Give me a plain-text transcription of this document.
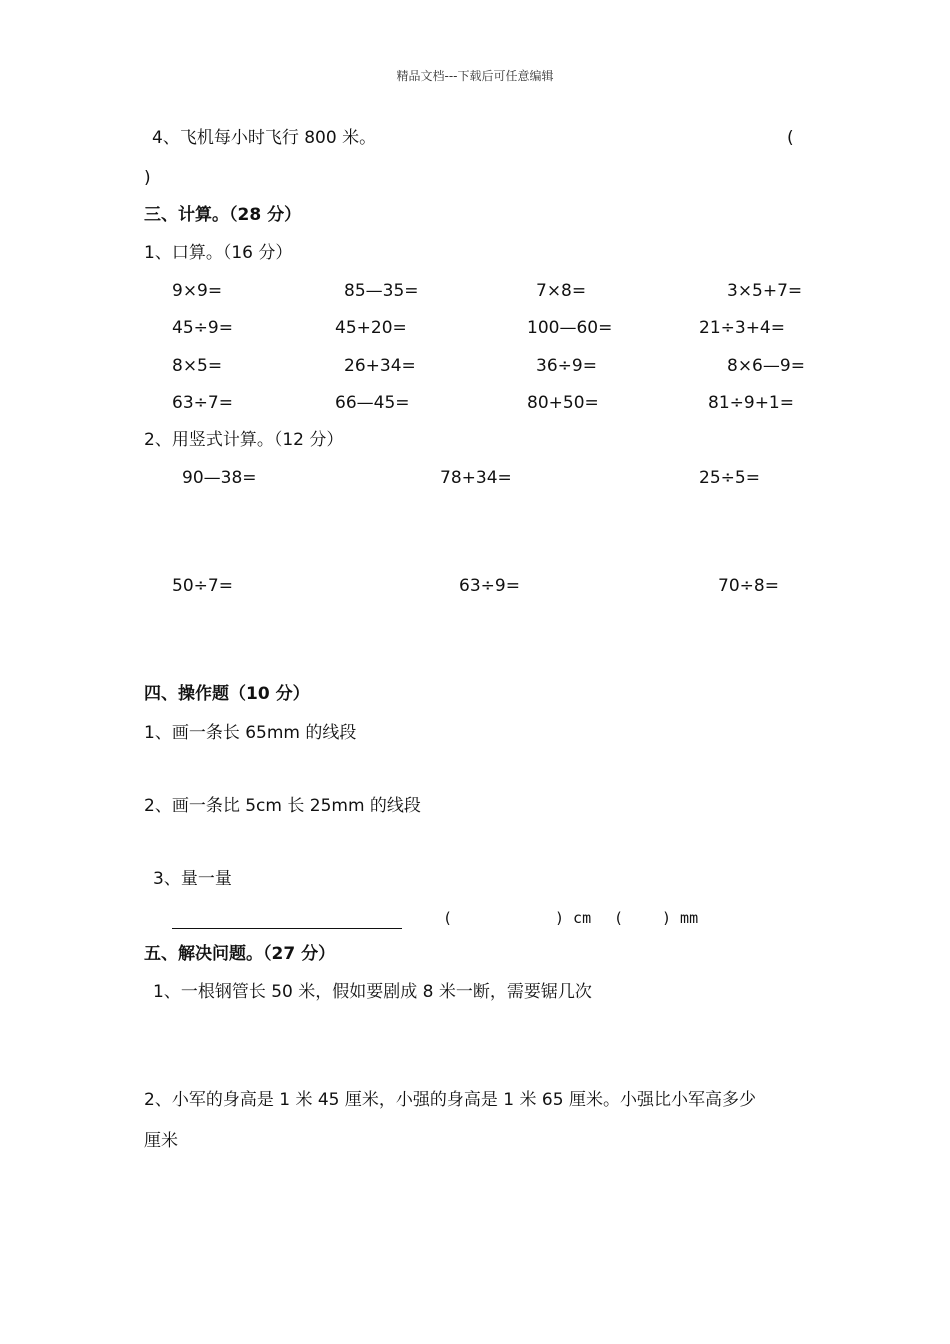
精品文档---下载后可任意编辑
4、飞机每小时飞行 800 米。	(
)
三、计算。（28 分）
1、口算。（16 分）
9×9=	85—35=	7×8=	3×5+7=
45÷9=	45+20=	100—60=	21÷3+4=
8×5=	26+34=	36÷9=	8×6—9=
63÷7=	66—45=	80+50=	81÷9+1=
2、用竖式计算。（12 分）
90—38=	78+34=	25÷5=
50÷7=	63÷9=	70÷8=
四、操作题（10 分）
1、画一条长 65mm 的线段
2、画一条比 5cm 长 25mm 的线段
3、量一量
(	) cm (	) mm
五、解决问题。（27 分）
1、一根钢管长 50 米，假如要剧成 8 米一断，需要锯几次
2、小军的身高是 1 米 45 厘米，小强的身高是 1 米 65 厘米。小强比小军高多少
厘米
